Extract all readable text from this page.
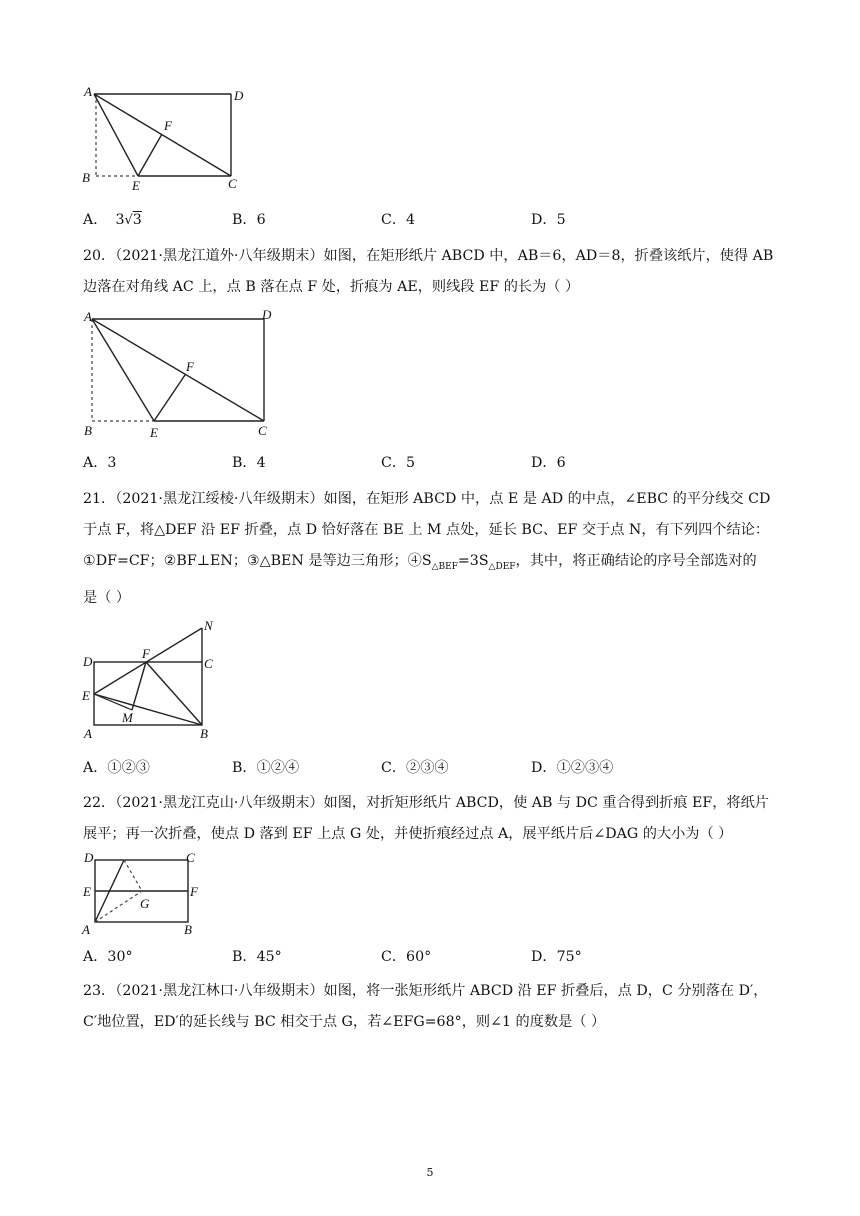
A	D
B
E	C
F
A． 3√3	B．6	C．4	D．5
20．（2021·黑龙江道外·八年级期末）如图，在矩形纸片 ABCD 中，AB＝6，AD＝8，折叠该纸片，使得 AB
边落在对角线 AC 上，点 B 落在点 F 处，折痕为 AE，则线段 EF 的长为（ ）
A	D
B	E	C
F
A．3	B．4	C．5	D．6
21．（2021·黑龙江绥棱·八年级期末）如图，在矩形 ABCD 中，点 E 是 AD 的中点，∠EBC 的平分线交 CD
于点 F，将△DEF 沿 EF 折叠，点 D 恰好落在 BE 上 M 点处，延长 BC、EF 交于点 N，有下列四个结论：
①DF=CF；②BF⊥EN；③△BEN 是等边三角形；$④S_{\triangle BEF}=3S_{\triangle DEF}$，其中，将正确结论的序号全部选对的
是（ ）
D
F
C
N
E
M
A	B
A．①②③	B．①②④	C．②③④	D．①②③④
22．（2021·黑龙江克山·八年级期末）如图，对折矩形纸片 ABCD，使 AB 与 DC 重合得到折痕 EF，将纸片
展平；再一次折叠，使点 D 落到 EF 上点 G 处，并使折痕经过点 A，展平纸片后∠DAG 的大小为（ ）
D	C
E	F
G
A	B
A．30°	B．45°	C．60°	D．75°
23．（2021·黑龙江林口·八年级期末）如图，将一张矩形纸片 ABCD 沿 EF 折叠后，点 D，C 分别落在 D′，
C′地位置，ED′的延长线与 BC 相交于点 G，若∠EFG=68°，则∠1 的度数是（ ）
5
